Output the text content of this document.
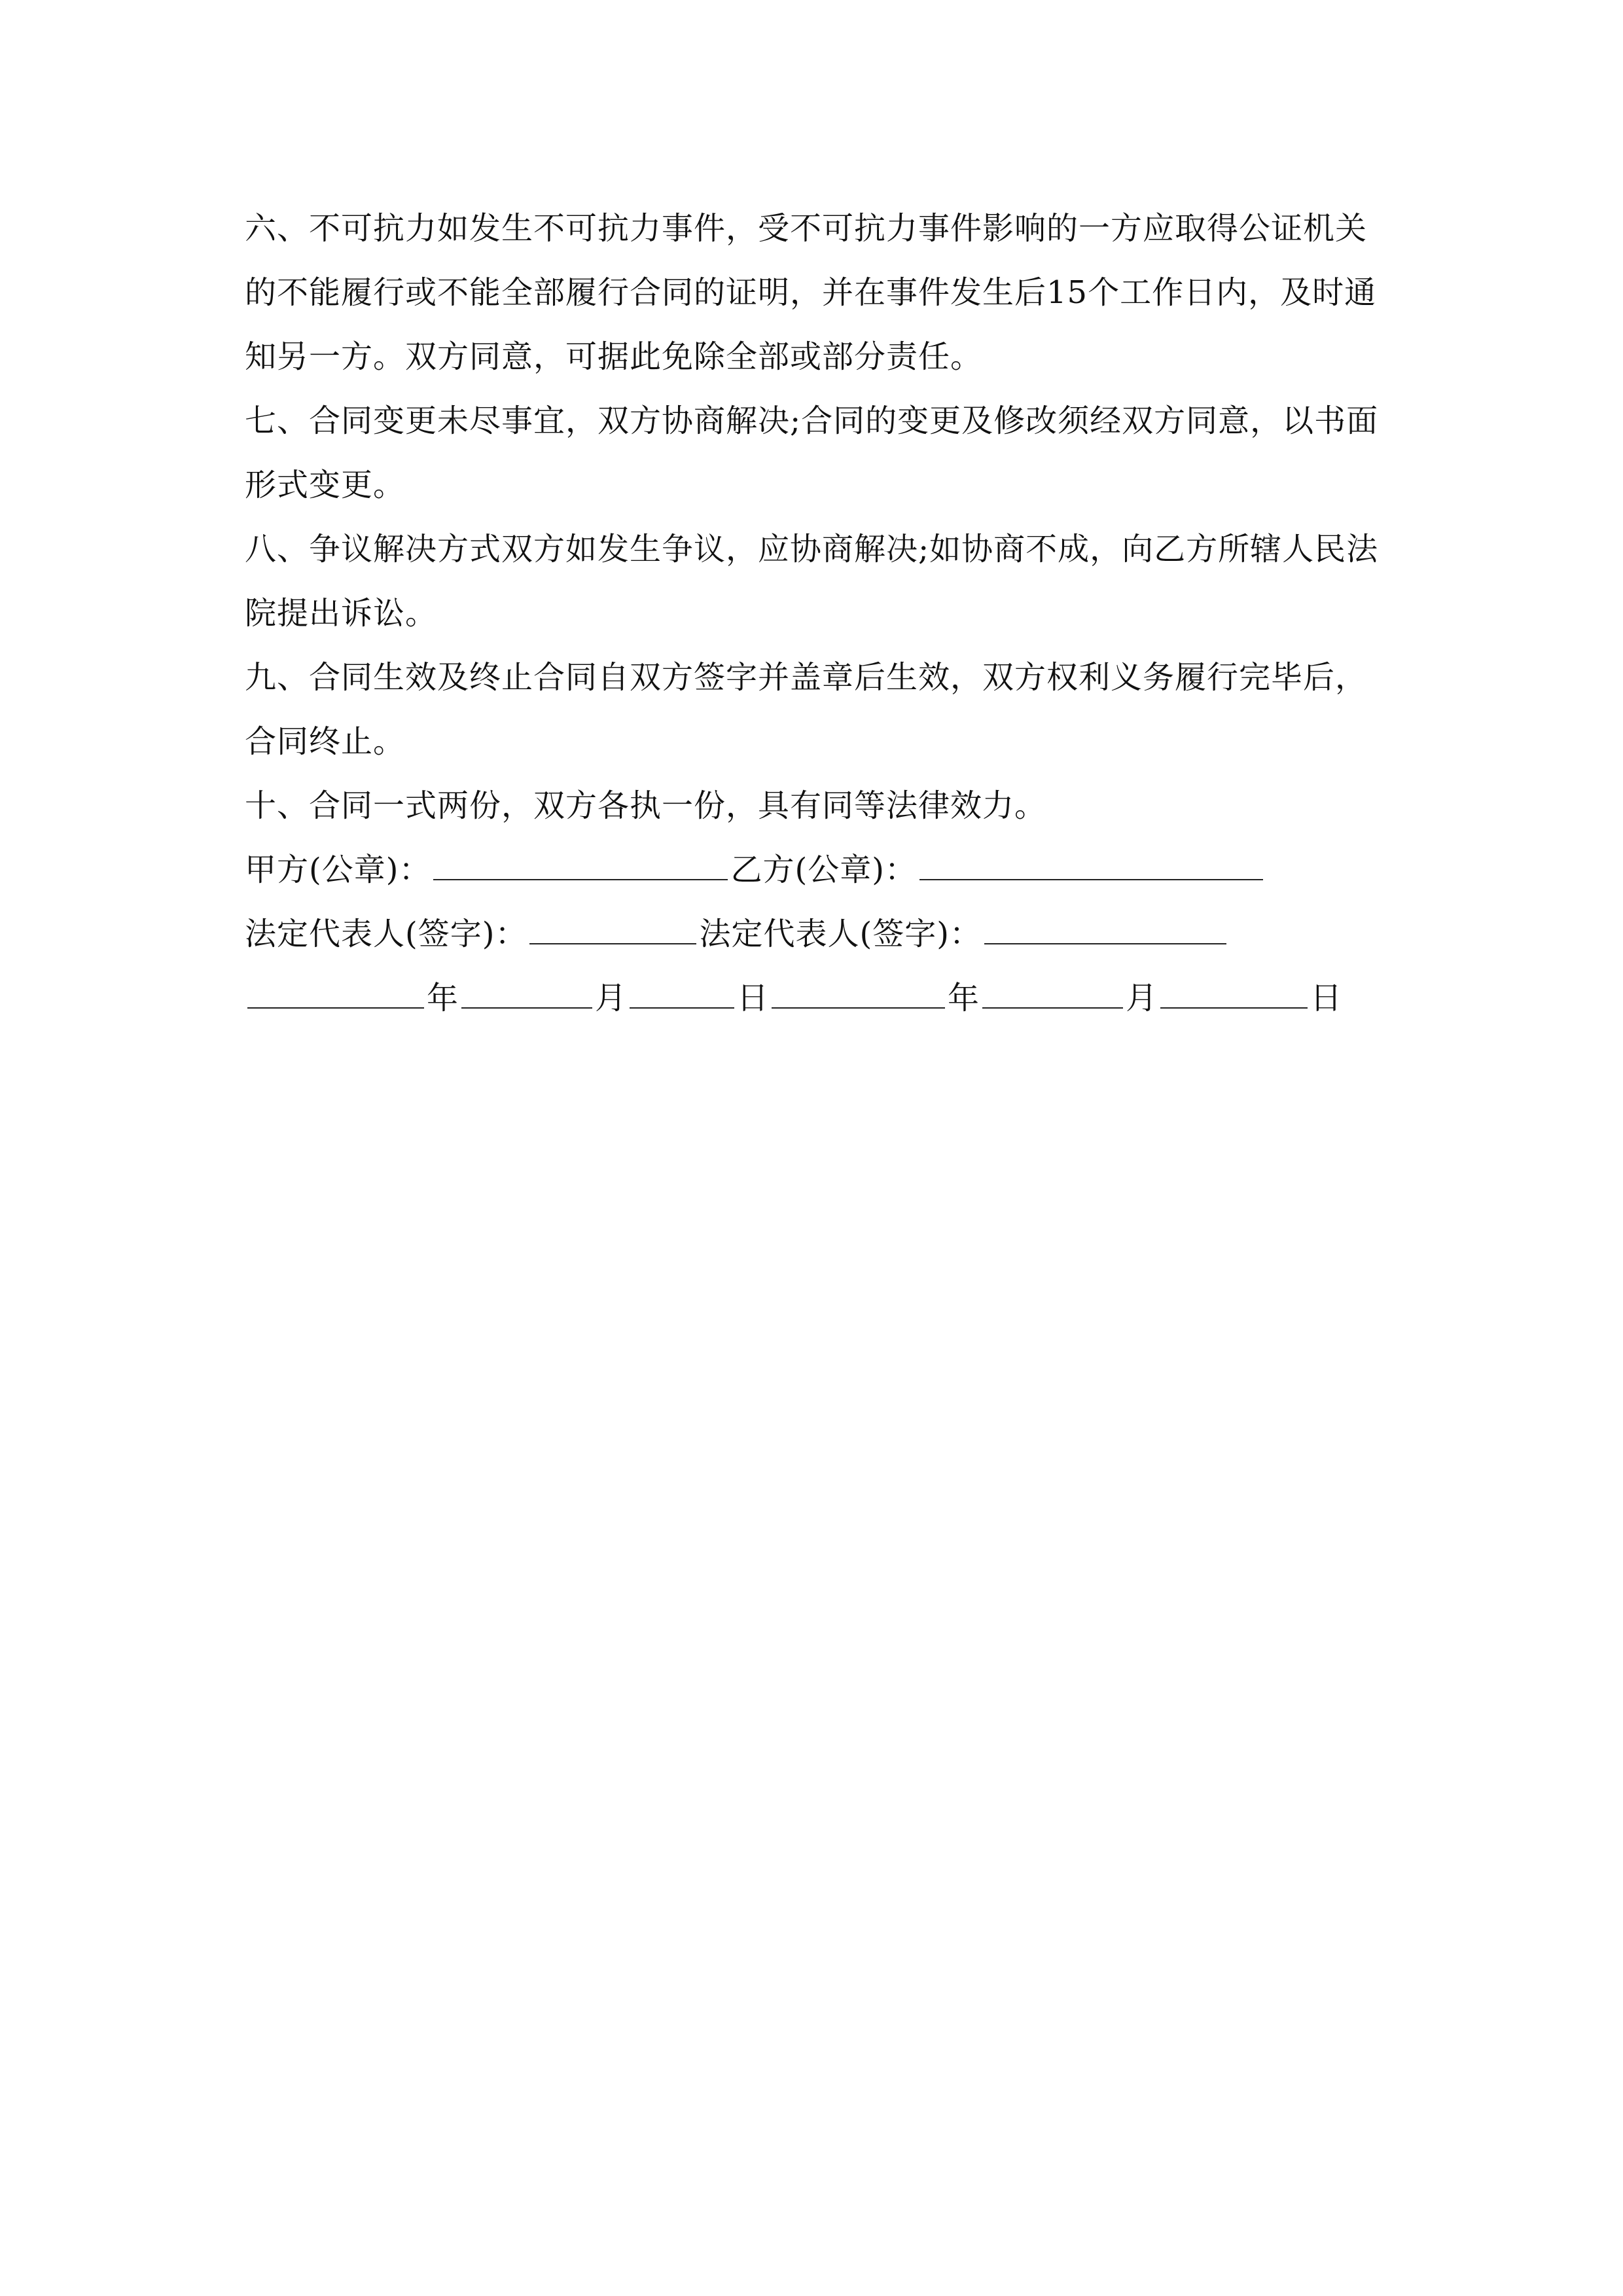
六、不可抗力如发生不可抗力事件，受不可抗力事件影响的一方应取得公证机关的不能履行或不能全部履行合同的证明，并在事件发生后15个工作日内，及时通知另一方。双方同意，可据此免除全部或部分责任。

七、合同变更未尽事宜，双方协商解决;合同的变更及修改须经双方同意，以书面形式变更。

八、争议解决方式双方如发生争议，应协商解决;如协商不成，向乙方所辖人民法院提出诉讼。

九、合同生效及终止合同自双方签字并盖章后生效，双方权利义务履行完毕后，合同终止。

十、合同一式两份，双方各执一份，具有同等法律效力。

甲方(公章)：	乙方(公章)：
法定代表人(签字)：	法定代表人(签字)：
年	月	日	年	月	日
